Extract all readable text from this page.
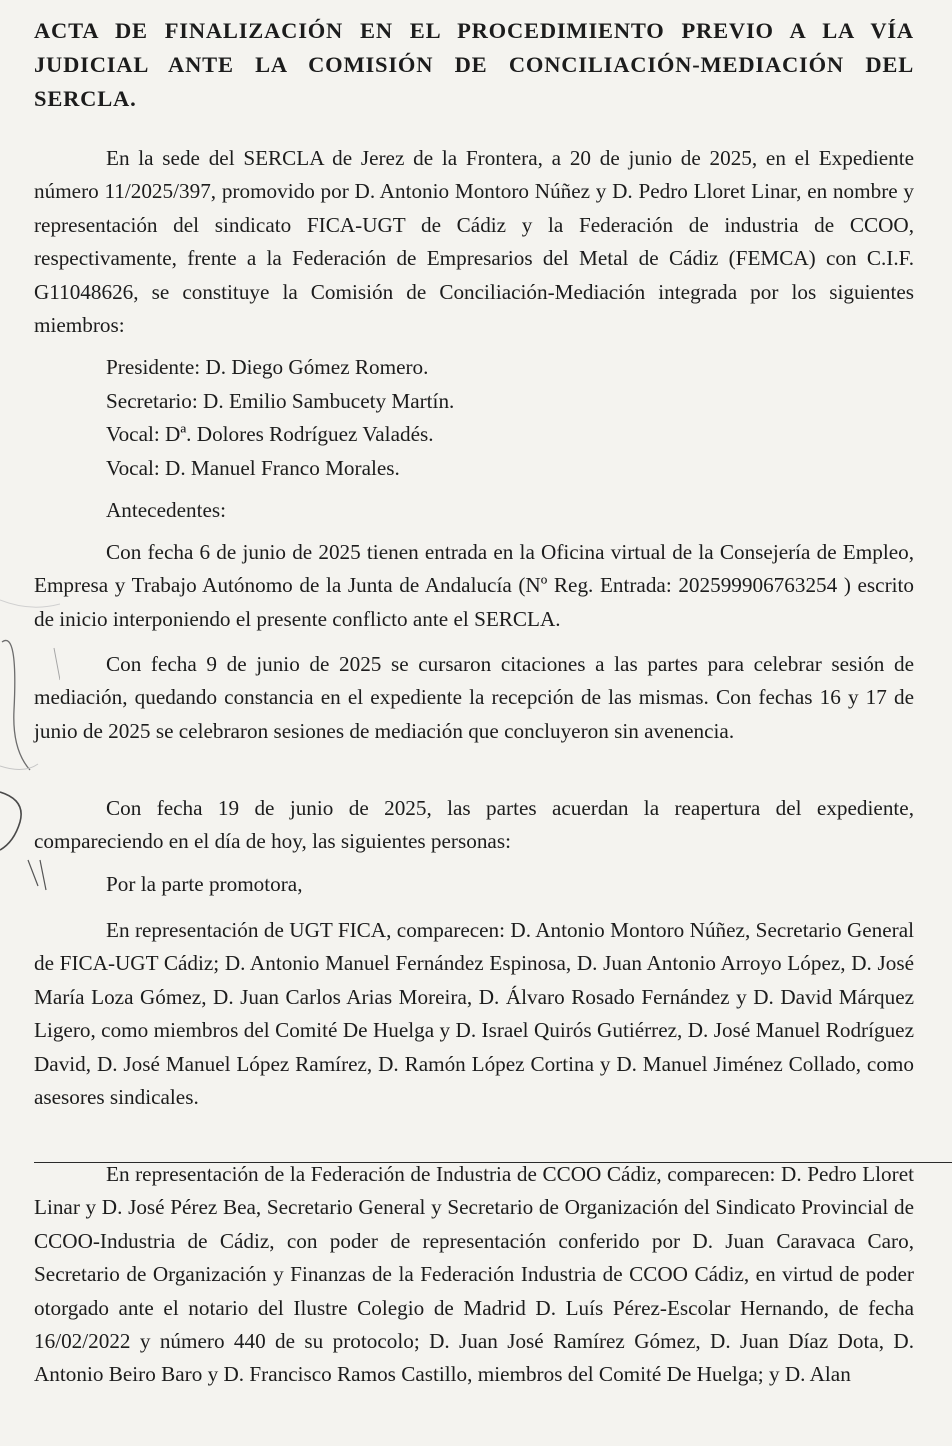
ACTA DE FINALIZACIÓN EN EL PROCEDIMIENTO PREVIO A LA VÍA JUDICIAL ANTE LA COMISIÓN DE CONCILIACIÓN-MEDIACIÓN DEL SERCLA.

En la sede del SERCLA de Jerez de la Frontera, a 20 de junio de 2025, en el Expediente número 11/2025/397, promovido por D. Antonio Montoro Núñez y D. Pedro Lloret Linar, en nombre y representación del sindicato FICA-UGT de Cádiz y la Federación de industria de CCOO, respectivamente, frente a la Federación de Empresarios del Metal de Cádiz (FEMCA) con C.I.F. G11048626, se constituye la Comisión de Conciliación-Mediación integrada por los siguientes miembros:

Presidente: D. Diego Gómez Romero.

Secretario: D. Emilio Sambucety Martín.

Vocal: Dª. Dolores Rodríguez Valadés.

Vocal: D. Manuel Franco Morales.

Antecedentes:

Con fecha 6 de junio de 2025 tienen entrada en la Oficina virtual de la Consejería de Empleo, Empresa y Trabajo Autónomo de la Junta de Andalucía (Nº Reg. Entrada: 202599906763254 ) escrito de inicio interponiendo el presente conflicto ante el SERCLA.

Con fecha 9 de junio de 2025 se cursaron citaciones a las partes para celebrar sesión de mediación, quedando constancia en el expediente la recepción de las mismas. Con fechas 16 y 17 de junio de 2025 se celebraron sesiones de mediación que concluyeron sin avenencia.

Con fecha 19 de junio de 2025, las partes acuerdan la reapertura del expediente, compareciendo en el día de hoy, las siguientes personas:

Por la parte promotora,

En representación de UGT FICA, comparecen: D. Antonio Montoro Núñez, Secretario General de FICA-UGT Cádiz; D. Antonio Manuel Fernández Espinosa, D. Juan Antonio Arroyo López, D. José María Loza Gómez, D. Juan Carlos Arias Moreira, D. Álvaro Rosado Fernández y D. David Márquez Ligero, como miembros del Comité De Huelga y D. Israel Quirós Gutiérrez, D. José Manuel Rodríguez David, D. José Manuel López Ramírez, D. Ramón López Cortina y D. Manuel Jiménez Collado, como asesores sindicales.

En representación de la Federación de Industria de CCOO Cádiz, comparecen: D. Pedro Lloret Linar y D. José Pérez Bea, Secretario General y Secretario de Organización del Sindicato Provincial de CCOO-Industria de Cádiz, con poder de representación conferido por D. Juan Caravaca Caro, Secretario de Organización y Finanzas de la Federación Industria de CCOO Cádiz, en virtud de poder otorgado ante el notario del Ilustre Colegio de Madrid D. Luís Pérez-Escolar Hernando, de fecha 16/02/2022 y número 440 de su protocolo; D. Juan José Ramírez Gómez, D. Juan Díaz Dota, D. Antonio Beiro Baro y D. Francisco Ramos Castillo, miembros del Comité De Huelga; y D. Alan
